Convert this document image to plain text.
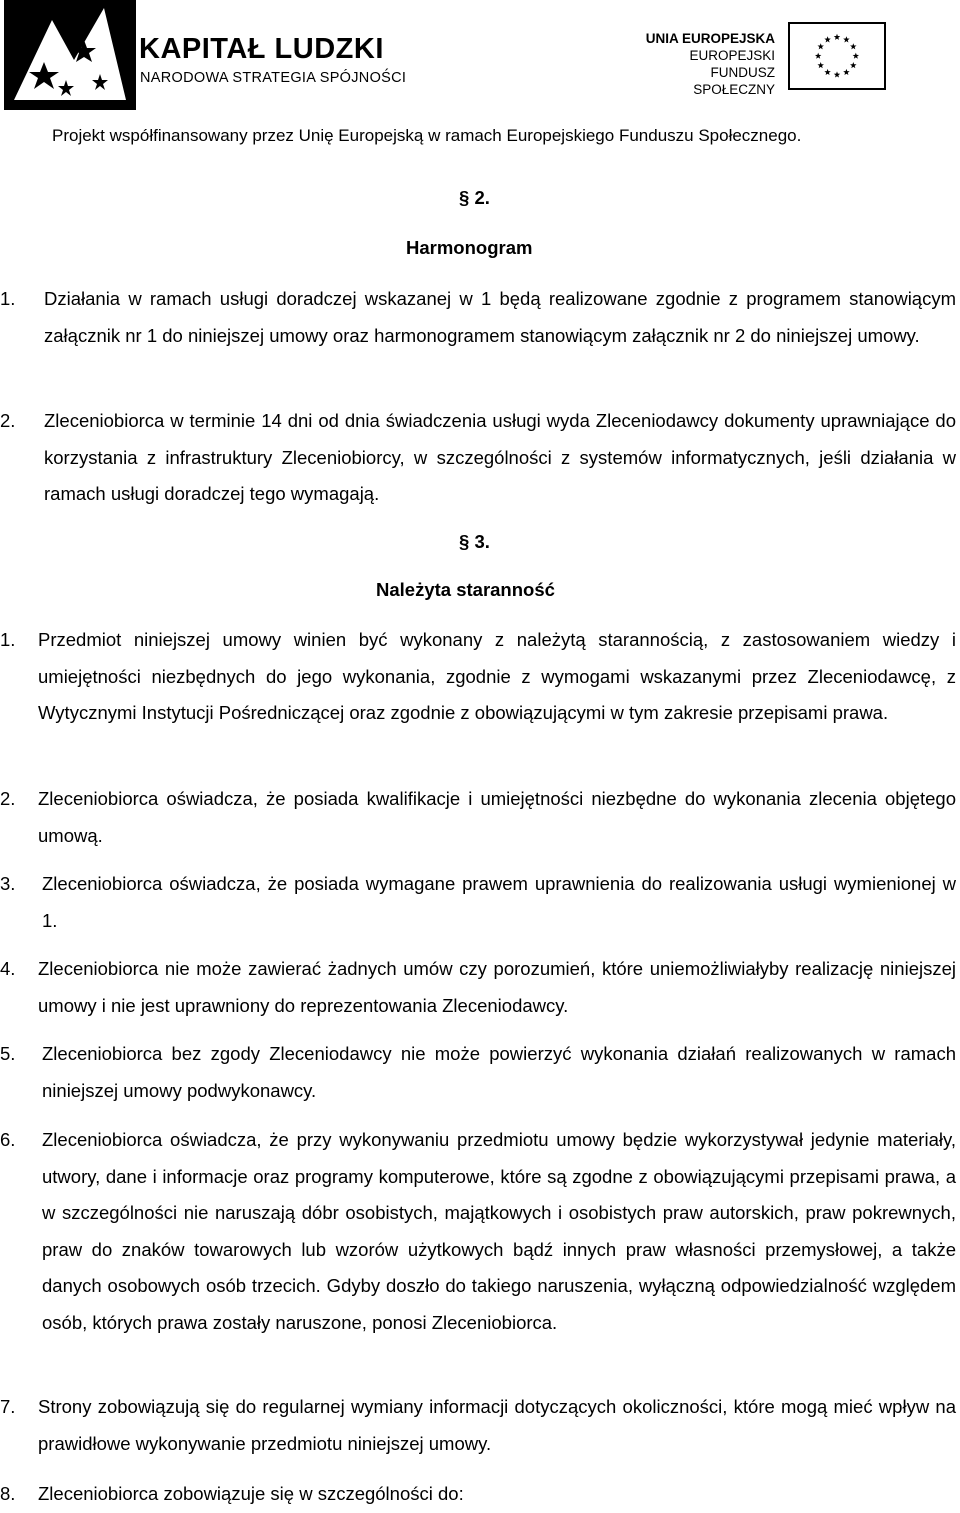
KAPITAŁ LUDZKI
NARODOWA STRATEGIA SPÓJNOŚCI
UNIA EUROPEJSKA
EUROPEJSKI
FUNDUSZ SPOŁECZNY
Projekt współfinansowany przez Unię Europejską w ramach Europejskiego Funduszu Społecznego.
§ 2.
Harmonogram
1. Działania w ramach usługi doradczej wskazanej w 1 będą realizowane zgodnie z programem stanowiącym załącznik nr 1 do niniejszej umowy oraz harmonogramem stanowiącym załącznik nr 2 do niniejszej umowy.
2. Zleceniobiorca w terminie 14 dni od dnia świadczenia usługi wyda Zleceniodawcy dokumenty uprawniające do korzystania z infrastruktury Zleceniobiorcy, w szczególności z systemów informatycznych, jeśli działania w ramach usługi doradczej tego wymagają.
§ 3.
Należyta staranność
1. Przedmiot niniejszej umowy winien być wykonany z należytą starannością, z zastosowaniem wiedzy i umiejętności niezbędnych do jego wykonania, zgodnie z wymogami wskazanymi przez Zleceniodawcę, z Wytycznymi Instytucji Pośredniczącej oraz zgodnie z obowiązującymi w tym zakresie przepisami prawa.
2. Zleceniobiorca oświadcza, że posiada kwalifikacje i umiejętności niezbędne do wykonania zlecenia objętego umową.
3. Zleceniobiorca oświadcza, że posiada wymagane prawem uprawnienia do realizowania usługi wymienionej w 1.
4. Zleceniobiorca nie może zawierać żadnych umów czy porozumień, które uniemożliwiałyby realizację niniejszej umowy i nie jest uprawniony do reprezentowania Zleceniodawcy.
5. Zleceniobiorca bez zgody Zleceniodawcy nie może powierzyć wykonania działań realizowanych w ramach niniejszej umowy podwykonawcy.
6. Zleceniobiorca oświadcza, że przy wykonywaniu przedmiotu umowy będzie wykorzystywał jedynie materiały, utwory, dane i informacje oraz programy komputerowe, które są zgodne z obowiązującymi przepisami prawa, a w szczególności nie naruszają dóbr osobistych, majątkowych i osobistych praw autorskich, praw pokrewnych, praw do znaków towarowych lub wzorów użytkowych bądź innych praw własności przemysłowej, a także danych osobowych osób trzecich. Gdyby doszło do takiego naruszenia, wyłączną odpowiedzialność względem osób, których prawa zostały naruszone, ponosi Zleceniobiorca.
7. Strony zobowiązują się do regularnej wymiany informacji dotyczących okoliczności, które mogą mieć wpływ na prawidłowe wykonywanie przedmiotu niniejszej umowy.
8. Zleceniobiorca zobowiązuje się w szczególności do:
